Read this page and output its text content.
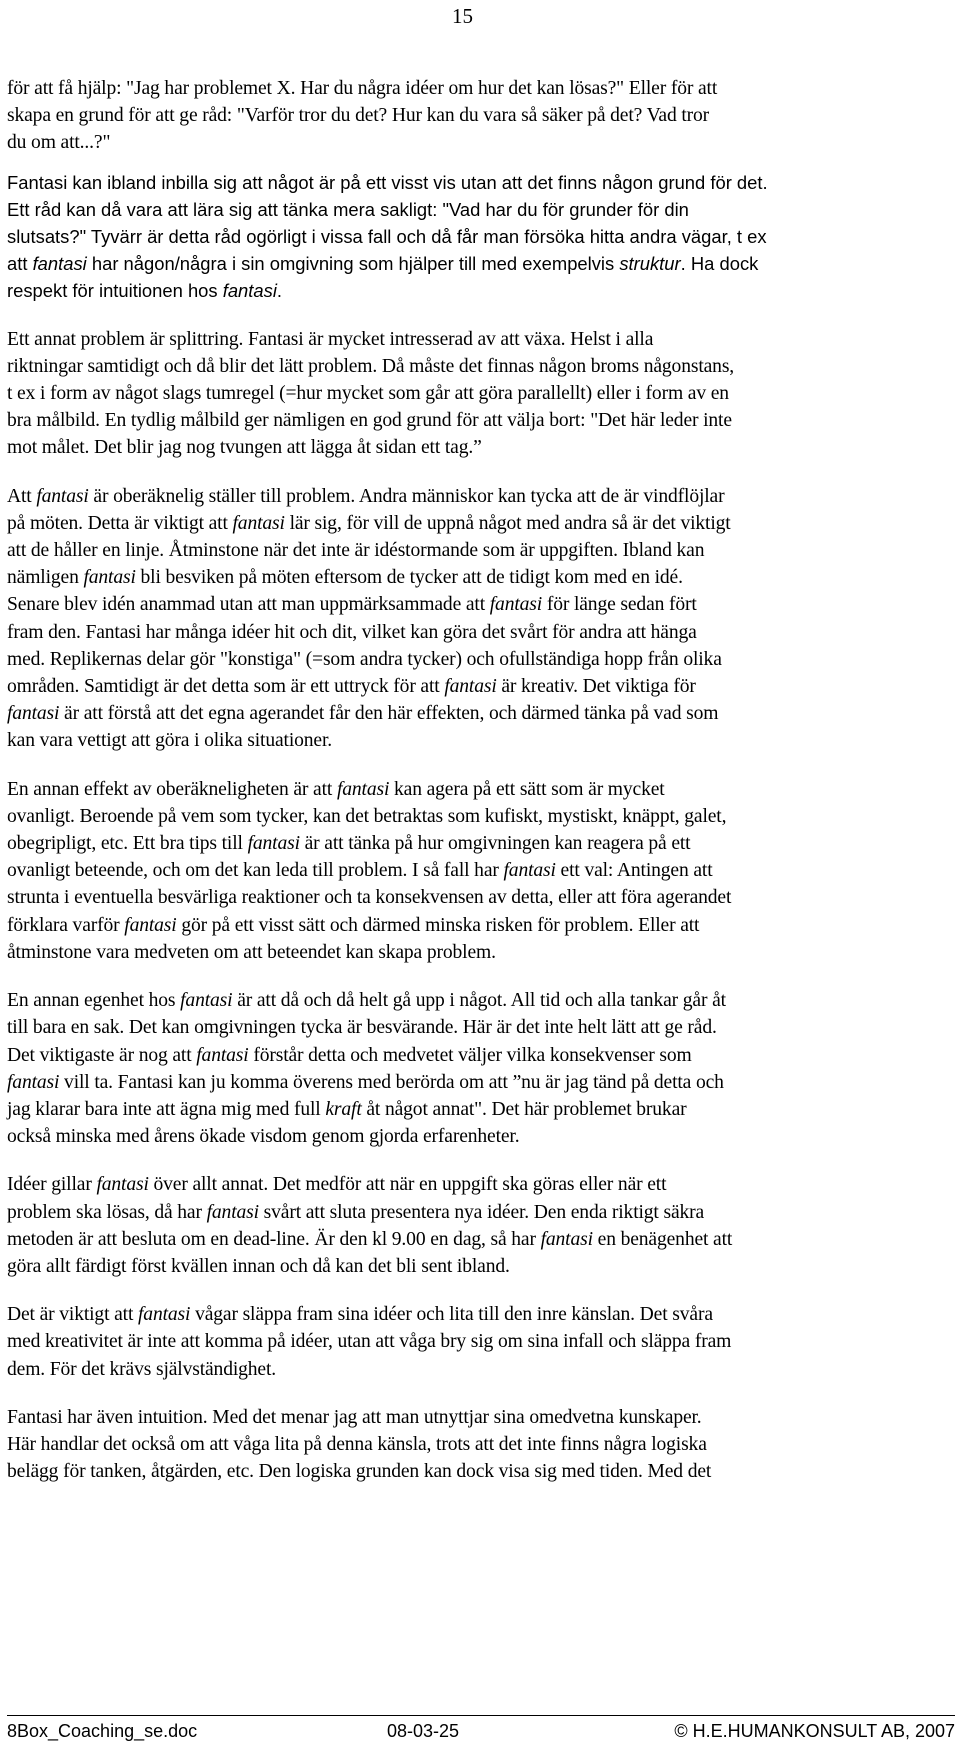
15
för att få hjälp: "Jag har problemet X. Har du några idéer om hur det kan lösas?" Eller för att
skapa en grund för att ge råd: "Varför tror du det? Hur kan du vara så säker på det? Vad tror
du om att...?"
Fantasi kan ibland inbilla sig att något är på ett visst vis utan att det finns någon grund för det.
Ett råd kan då vara att lära sig att tänka mera sakligt: "Vad har du för grunder för din
slutsats?" Tyvärr är detta råd ogörligt i vissa fall och då får man försöka hitta andra vägar, t ex
att fantasi har någon/några i sin omgivning som hjälper till med exempelvis struktur. Ha dock
respekt för intuitionen hos fantasi.
Ett annat problem är splittring. Fantasi är mycket intresserad av att växa. Helst i alla
riktningar samtidigt och då blir det lätt problem. Då måste det finnas någon broms någonstans,
t ex i form av något slags tumregel (=hur mycket som går att göra parallellt) eller i form av en
bra målbild. En tydlig målbild ger nämligen en god grund för att välja bort: "Det här leder inte
mot målet. Det blir jag nog tvungen att lägga åt sidan ett tag.”
Att fantasi är oberäknelig ställer till problem. Andra människor kan tycka att de är vindflöjlar
på möten. Detta är viktigt att fantasi lär sig, för vill de uppnå något med andra så är det viktigt
att de håller en linje. Åtminstone när det inte är idéstormande som är uppgiften. Ibland kan
nämligen fantasi bli besviken på möten eftersom de tycker att de tidigt kom med en idé.
Senare blev idén anammad utan att man uppmärksammade att fantasi för länge sedan fört
fram den. Fantasi har många idéer hit och dit, vilket kan göra det svårt för andra att hänga
med. Replikernas delar gör "konstiga" (=som andra tycker) och ofullständiga hopp från olika
områden. Samtidigt är det detta som är ett uttryck för att fantasi är kreativ. Det viktiga för
fantasi är att förstå att det egna agerandet får den här effekten, och därmed tänka på vad som
kan vara vettigt att göra i olika situationer.
En annan effekt av oberäkneligheten är att fantasi kan agera på ett sätt som är mycket
ovanligt. Beroende på vem som tycker, kan det betraktas som kufiskt, mystiskt, knäppt, galet,
obegripligt, etc. Ett bra tips till fantasi är att tänka på hur omgivningen kan reagera på ett
ovanligt beteende, och om det kan leda till problem. I så fall har fantasi ett val: Antingen att
strunta i eventuella besvärliga reaktioner och ta konsekvensen av detta, eller att föra agerandet
förklara varför fantasi gör på ett visst sätt och därmed minska risken för problem. Eller att
åtminstone vara medveten om att beteendet kan skapa problem.
En annan egenhet hos fantasi är att då och då helt gå upp i något. All tid och alla tankar går åt
till bara en sak. Det kan omgivningen tycka är besvärande. Här är det inte helt lätt att ge råd.
Det viktigaste är nog att fantasi förstår detta och medvetet väljer vilka konsekvenser som
fantasi vill ta. Fantasi kan ju komma överens med berörda om att ”nu är jag tänd på detta och
jag klarar bara inte att ägna mig med full kraft åt något annat". Det här problemet brukar
också minska med årens ökade visdom genom gjorda erfarenheter.
Idéer gillar fantasi över allt annat. Det medför att när en uppgift ska göras eller när ett
problem ska lösas, då har fantasi svårt att sluta presentera nya idéer. Den enda riktigt säkra
metoden är att besluta om en dead-line. Är den kl 9.00 en dag, så har fantasi en benägenhet att
göra allt färdigt först kvällen innan och då kan det bli sent ibland.
Det är viktigt att fantasi vågar släppa fram sina idéer och lita till den inre känslan. Det svåra
med kreativitet är inte att komma på idéer, utan att våga bry sig om sina infall och släppa fram
dem. För det krävs självständighet.
Fantasi har även intuition. Med det menar jag att man utnyttjar sina omedvetna kunskaper.
Här handlar det också om att våga lita på denna känsla, trots att det inte finns några logiska
belägg för tanken, åtgärden, etc. Den logiska grunden kan dock visa sig med tiden. Med det
8Box_Coaching_se.doc	08-03-25	© H.E.HUMANKONSULT AB, 2007
